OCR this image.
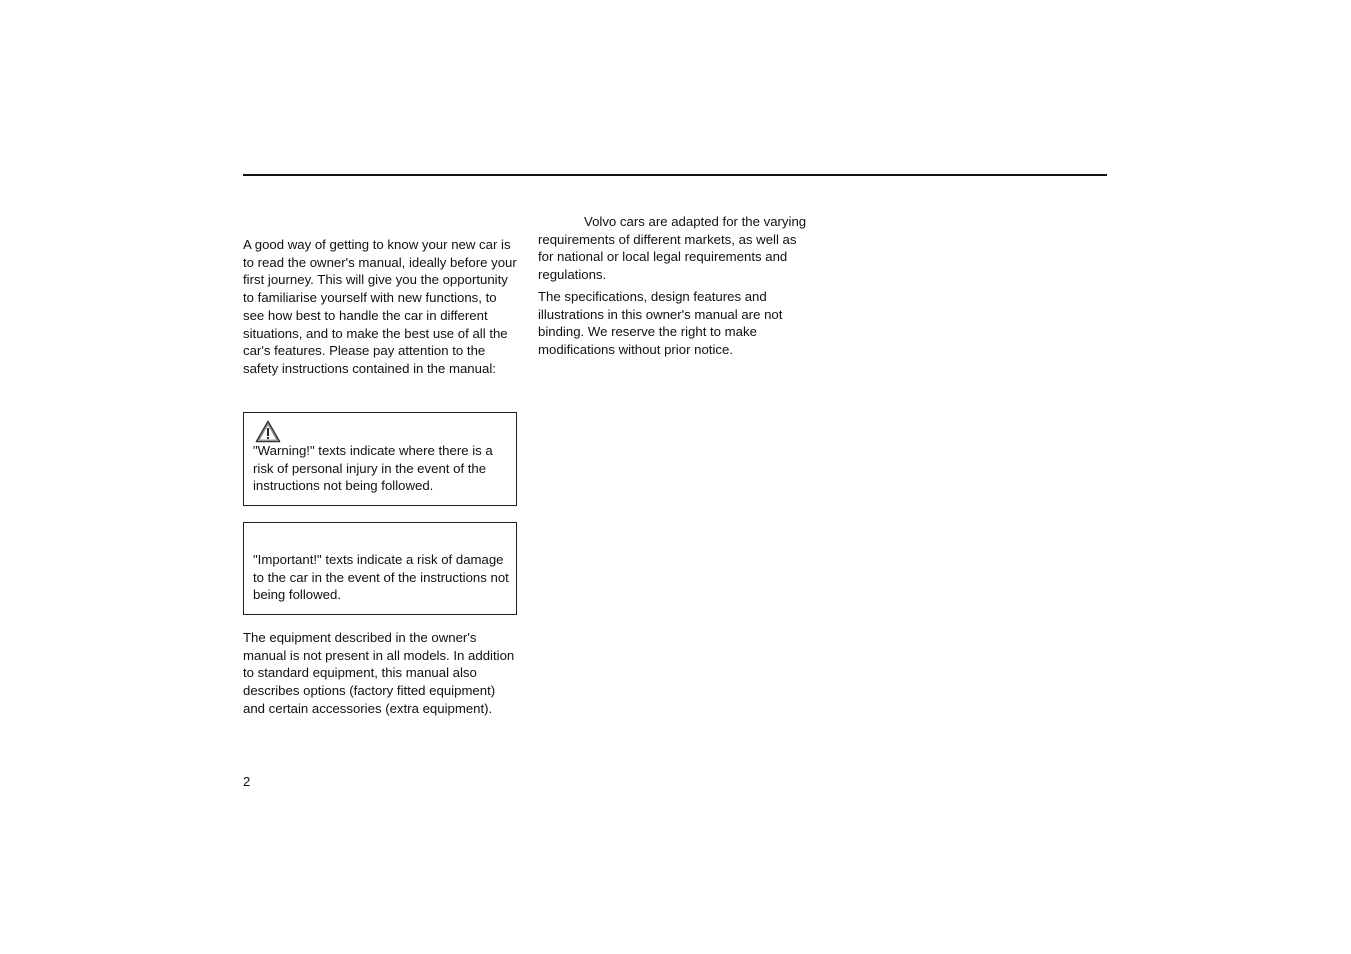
A good way of getting to know your new car is to read the owner's manual, ideally before your first journey. This will give you the opportunity to familiarise yourself with new functions, to see how best to handle the car in different situations, and to make the best use of all the car's features. Please pay attention to the safety instructions contained in the manual:

"Warning!" texts indicate where there is a risk of personal injury in the event of the instructions not being followed.

"Important!" texts indicate a risk of damage to the car in the event of the instructions not being followed.

The equipment described in the owner's manual is not present in all models. In addition to standard equipment, this manual also describes options (factory fitted equipment) and certain accessories (extra equipment).

Volvo cars are adapted for the varying requirements of different markets, as well as for national or local legal requirements and regulations.

The specifications, design features and illustrations in this owner's manual are not binding. We reserve the right to make modifications without prior notice.

2
